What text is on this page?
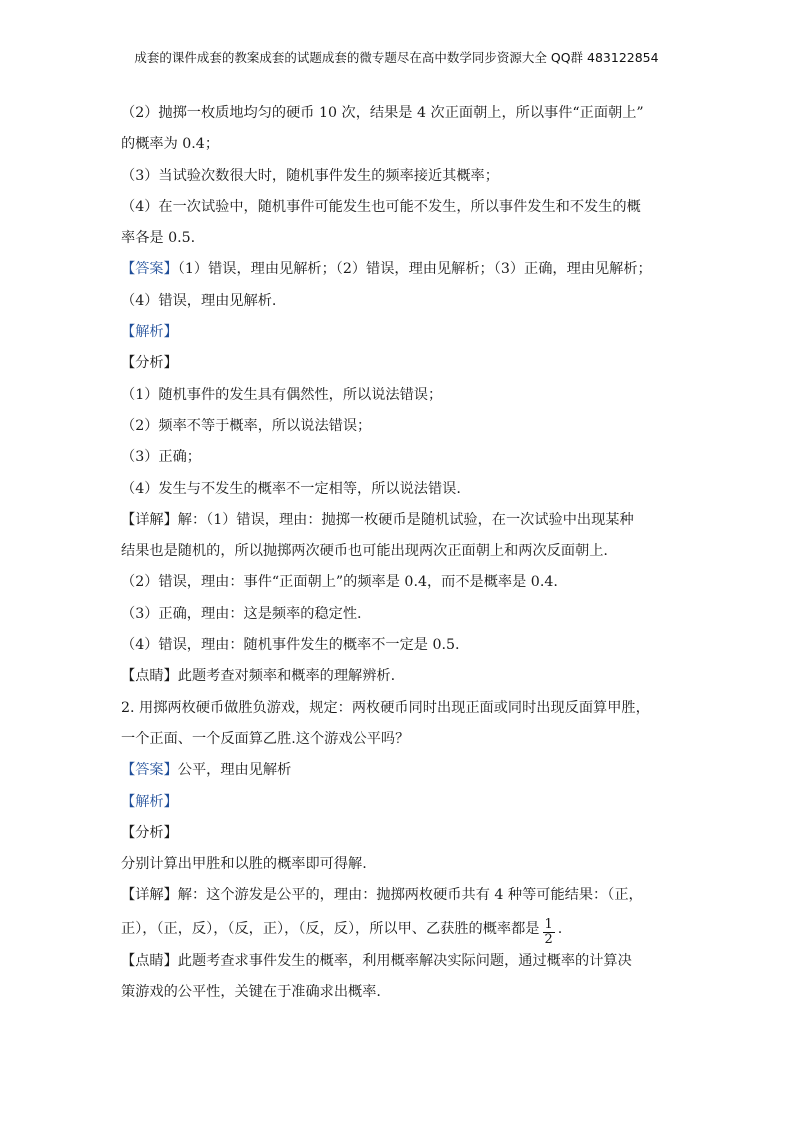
成套的课件成套的教案成套的试题成套的微专题尽在高中数学同步资源大全 QQ群 483122854
（2）抛掷一枚质地均匀的硬币 10 次，结果是 4 次正面朝上，所以事件“正面朝上”
的概率为 0.4；
（3）当试验次数很大时，随机事件发生的频率接近其概率；
（4）在一次试验中，随机事件可能发生也可能不发生，所以事件发生和不发生的概
率各是 0.5.
【答案】（1）错误，理由见解析；（2）错误，理由见解析；（3）正确，理由见解析；
（4）错误，理由见解析.
【解析】
【分析】
（1）随机事件的发生具有偶然性，所以说法错误；
（2）频率不等于概率，所以说法错误；
（3）正确；
（4）发生与不发生的概率不一定相等，所以说法错误.
【详解】解：（1）错误，理由：抛掷一枚硬币是随机试验，在一次试验中出现某种
结果也是随机的，所以抛掷两次硬币也可能出现两次正面朝上和两次反面朝上.
（2）错误，理由：事件“正面朝上”的频率是 0.4，而不是概率是 0.4.
（3）正确，理由：这是频率的稳定性.
（4）错误，理由：随机事件发生的概率不一定是 0.5.
【点睛】此题考查对频率和概率的理解辨析.
2. 用掷两枚硬币做胜负游戏，规定：两枚硬币同时出现正面或同时出现反面算甲胜，
一个正面、一个反面算乙胜.这个游戏公平吗？
【答案】公平，理由见解析
【解析】
【分析】
分别计算出甲胜和以胜的概率即可得解.
【详解】解：这个游发是公平的，理由：抛掷两枚硬币共有 4 种等可能结果：（正，
正），（正，反），（反，正），（反，反），所以甲、乙获胜的概率都是 $\frac{1}{2}$ .
【点睛】此题考查求事件发生的概率，利用概率解决实际问题，通过概率的计算决
策游戏的公平性，关键在于准确求出概率.
